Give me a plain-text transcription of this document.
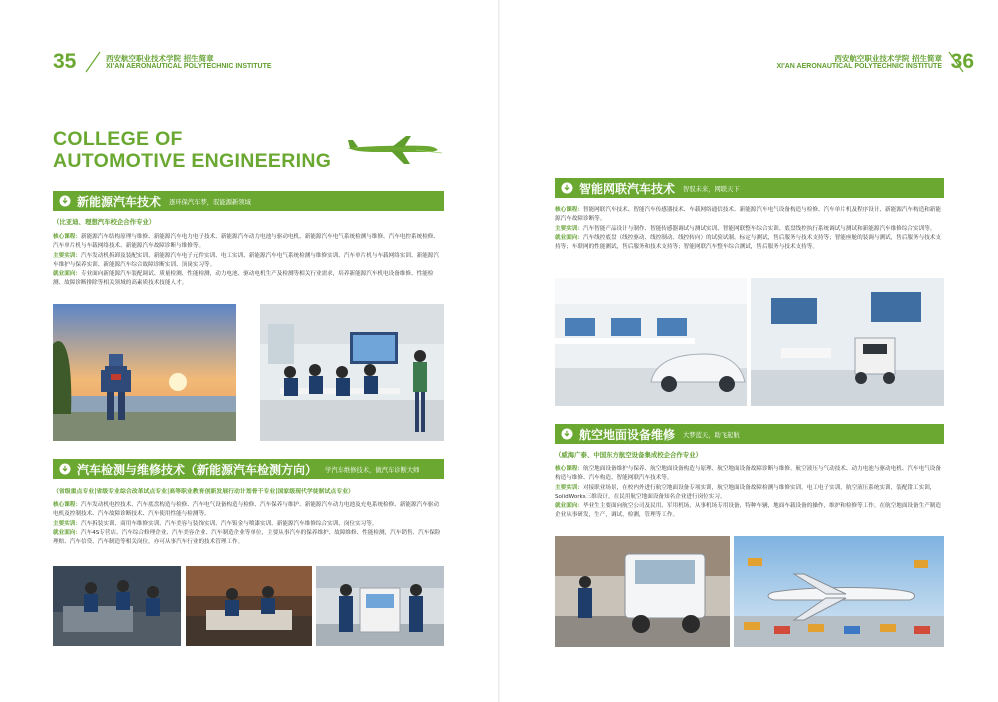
35	西安航空职业技术学院 招生简章
XI'AN AERONAUTICAL POLYTECHNIC INSTITUTE
COLLEGE OF
AUTOMOTIVE ENGINEERING
新能源汽车技术 逐环保汽车梦，驭能源新领域
（比亚迪、理想汽车校企合作专业）
核心课程：新能源汽车结构原理与维修、新能源汽车电力电子技术、新能源汽车动力电池与驱动电机、新能源汽车电气系统检测与维修、汽车电控系统检修、汽车单片机与车载网络技术、新能源汽车故障诊断与维修等。
主要实训：汽车发动机拆卸及装配实训、新能源汽车电子元件实训、电工实训、新能源汽车电气系统检测与维修实训、汽车单片机与车载网络实训、新能源汽车维护与保养实训、新能源汽车综合故障诊断实训、顶岗实习等。
就业面向：专业面向新能源汽车装配调试、质量检测、性能检测，动力电池、驱动电机生产及检测等相关行业需求，培养新能源汽车机电设备维修、性能检测、故障诊断排除等相关领域的高素质技术技能人才。
汽车检测与维修技术（新能源汽车检测方向） 学汽车维修技术，做汽车诊断大师
（省级重点专业|省级专业综合改革试点专业|高等职业教育创新发展行动计划骨干专业|国家级现代学徒制试点专业）
核心课程：汽车发动机电控技术、汽车底盘构造与检修、汽车电气设备构造与检修、汽车保养与维护、新能源汽车动力电池及充电系统检修、新能源汽车驱动电机及控制技术、汽车故障诊断技术、汽车使用性能与检测等。
主要实训：汽车拆装实训、商用车维修实训、汽车美容与装饰实训、汽车钣金与喷漆实训、新能源汽车维修综合实训、岗位实习等。
就业面向：汽车4S专营店、汽车综合修理企业、汽车美容企业、汽车制造企业等单位，主要从事汽车的保养维护、故障维修、性能检测，汽车销售、汽车保险理赔、汽车信贷、汽车制造等相关岗位，亦可从事汽车行业的技术管理工作。
西安航空职业技术学院 招生简章
XI'AN AERONAUTICAL POLYTECHNIC INSTITUTE 36
智能网联汽车技术 智驭未来，网联天下
核心课程：智能网联汽车技术、智能汽车传感器技术、车载网络通信技术、新能源汽车电气设备构造与检修、汽车单片机及程序设计、新能源汽车构造和新能源汽车故障诊断等。
主要实训：汽车智能产品设计与制作、智能传感器调试与测试实训、智能网联整车综合实训、底盘线控执行系统调试与测试和新能源汽车维修综合实训等。
就业面向：汽车线控底盘（线控驱动、线控制动、线控转向）的试验试制、标定与测试，售后服务与技术支持等；智能座舱的装调与测试，售后服务与技术支持等；车联网的性能测试，售后服务和技术支持等；智能网联汽车整车综合测试，售后服务与技术支持等。
航空地面设备维修 大梦蓝天，助飞起航
（威海广泰、中国东方航空设备集成校企合作专业）
核心课程：航空地面设备维护与保养、航空地面设备构造与原理、航空地面设备故障诊断与维修、航空液压与气动技术、动力电池与驱动电机、汽车电气设备构造与维修、汽车构造、智能网联汽车技术等。
主要实训：对接职业场景，在校内外进行航空地面设备专项实训，航空地面设备故障检测与维修实训，电工电子实训，航空液压系统实训，装配钳工实训，SolidWorks三维设计，在民用航空地面设备知名企业进行岗位实习。
就业面向：毕业生主要面向航空公司及民用、军用机场，从事机场专用设备，特种车辆，地面车载设备的操作，维护和检修等工作。在航空地面设备生产制造企业从事研发，生产，调试，检测，管理等工作。
